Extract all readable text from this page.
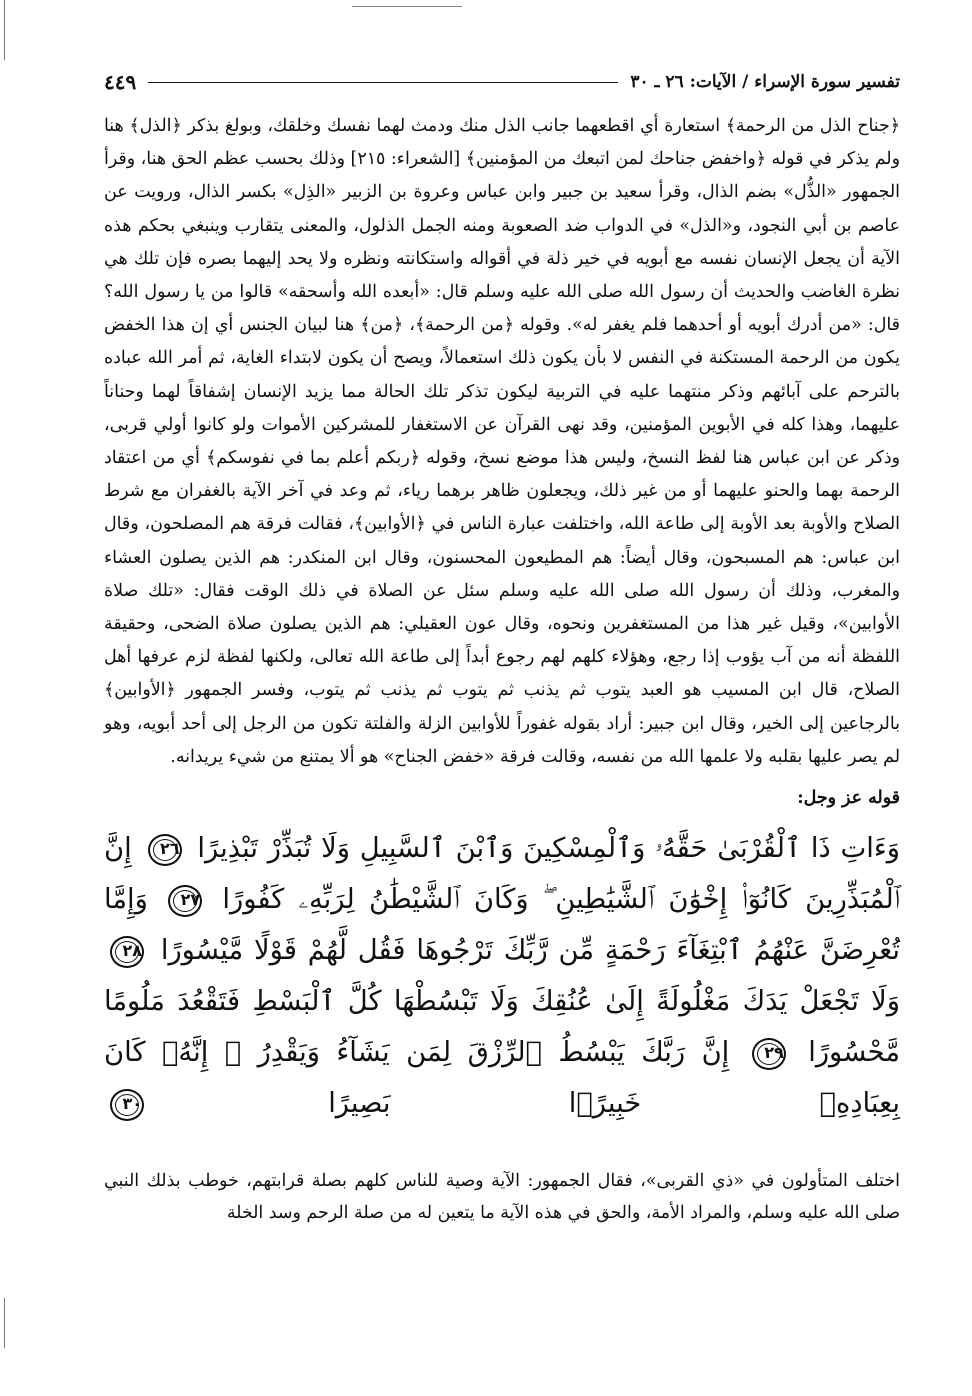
تفسير سورة الإسراء / الآيات: ٢٦ ـ ٣٠
٤٤٩

﴿جناح الذل من الرحمة﴾ استعارة أي اقطعهما جانب الذل منك ودمث لهما نفسك وخلقك، وبولغ بذكر ﴿الذل﴾ هنا ولم يذكر في قوله ﴿واخفض جناحك لمن اتبعك من المؤمنين﴾ [الشعراء: ٢١٥] وذلك بحسب عظم الحق هنا، وقرأ الجمهور «الذُّل» بضم الذال، وقرأ سعيد بن جبير وابن عباس وعروة بن الزبير «الذِل» بكسر الذال، ورويت عن عاصم بن أبي النجود، و«الذل» في الدواب ضد الصعوبة ومنه الجمل الذلول، والمعنى يتقارب وينبغي بحكم هذه الآية أن يجعل الإنسان نفسه مع أبويه في خير ذلة في أقواله واستكانته ونظره ولا يحد إليهما بصره فإن تلك هي نظرة الغاضب والحديث أن رسول الله صلى الله عليه وسلم قال: «أبعده الله وأسحقه» قالوا من يا رسول الله؟ قال: «من أدرك أبويه أو أحدهما فلم يغفر له». وقوله ﴿من الرحمة﴾، ﴿من﴾ هنا لبيان الجنس أي إن هذا الخفض يكون من الرحمة المستكنة في النفس لا بأن يكون ذلك استعمالاً، ويصح أن يكون لابتداء الغاية، ثم أمر الله عباده بالترحم على آبائهم وذكر منتهما عليه في التربية ليكون تذكر تلك الحالة مما يزيد الإنسان إشفاقاً لهما وحناناً عليهما، وهذا كله في الأبوين المؤمنين، وقد نهى القرآن عن الاستغفار للمشركين الأموات ولو كانوا أولي قربى، وذكر عن ابن عباس هنا لفظ النسخ، وليس هذا موضع نسخ، وقوله ﴿ربكم أعلم بما في نفوسكم﴾ أي من اعتقاد الرحمة بهما والحنو عليهما أو من غير ذلك، ويجعلون ظاهر برهما رياء، ثم وعد في آخر الآية بالغفران مع شرط الصلاح والأوبة بعد الأوبة إلى طاعة الله، واختلفت عبارة الناس في ﴿الأوابين﴾، فقالت فرقة هم المصلحون، وقال ابن عباس: هم المسبحون، وقال أيضاً: هم المطيعون المحسنون، وقال ابن المنكدر: هم الذين يصلون العشاء والمغرب، وذلك أن رسول الله صلى الله عليه وسلم سئل عن الصلاة في ذلك الوقت فقال: «تلك صلاة الأوابين»، وقيل غير هذا من المستغفرين ونحوه، وقال عون العقيلي: هم الذين يصلون صلاة الضحى، وحقيقة اللفظة أنه من آب يؤوب إذا رجع، وهؤلاء كلهم لهم رجوع أبداً إلى طاعة الله تعالى، ولكنها لفظة لزم عرفها أهل الصلاح، قال ابن المسيب هو العبد يتوب ثم يذنب ثم يتوب ثم يذنب ثم يتوب، وفسر الجمهور ﴿الأوابين﴾ بالرجاعين إلى الخير، وقال ابن جبير: أراد بقوله غفوراً للأوابين الزلة والفلتة تكون من الرجل إلى أحد أبويه، وهو لم يصر عليها بقلبه ولا علمها الله من نفسه، وقالت فرقة «خفض الجناح» هو ألا يمتنع من شيء يريدانه.

قوله عز وجل:
وَءَاتِ ذَا ٱلْقُرْبَىٰ حَقَّهُۥ وَٱلْمِسْكِينَ وَٱبْنَ ٱلسَّبِيلِ وَلَا تُبَذِّرْ تَبْذِيرًا ٢٦ إِنَّ ٱلْمُبَذِّرِينَ كَانُوٓا۟ إِخْوَٰنَ ٱلشَّيَٰطِينِ ۖ وَكَانَ ٱلشَّيْطَٰنُ لِرَبِّهِۦ كَفُورًا ٢٧ وَإِمَّا تُعْرِضَنَّ عَنْهُمُ ٱبْتِغَآءَ رَحْمَةٍ مِّن رَّبِّكَ تَرْجُوهَا فَقُل لَّهُمْ قَوْلًا مَّيْسُورًا ٢٨ وَلَا تَجْعَلْ يَدَكَ مَغْلُولَةً إِلَىٰ عُنُقِكَ وَلَا تَبْسُطْهَا كُلَّ ٱلْبَسْطِ فَتَقْعُدَ مَلُومًا مَّحْسُورًا ٢٩ إِنَّ رَبَّكَ يَبْسُطُ ٱلرِّزْقَ لِمَن يَشَآءُ وَيَقْدِرُ ۚ إِنَّهُۥ كَانَ بِعِبَادِهِۦ خَبِيرًۢا بَصِيرًا ٣٠
اختلف المتأولون في «ذي القربى»، فقال الجمهور: الآية وصية للناس كلهم بصلة قرابتهم، خوطب بذلك النبي صلى الله عليه وسلم، والمراد الأمة، والحق في هذه الآية ما يتعين له من صلة الرحم وسد الخلة
